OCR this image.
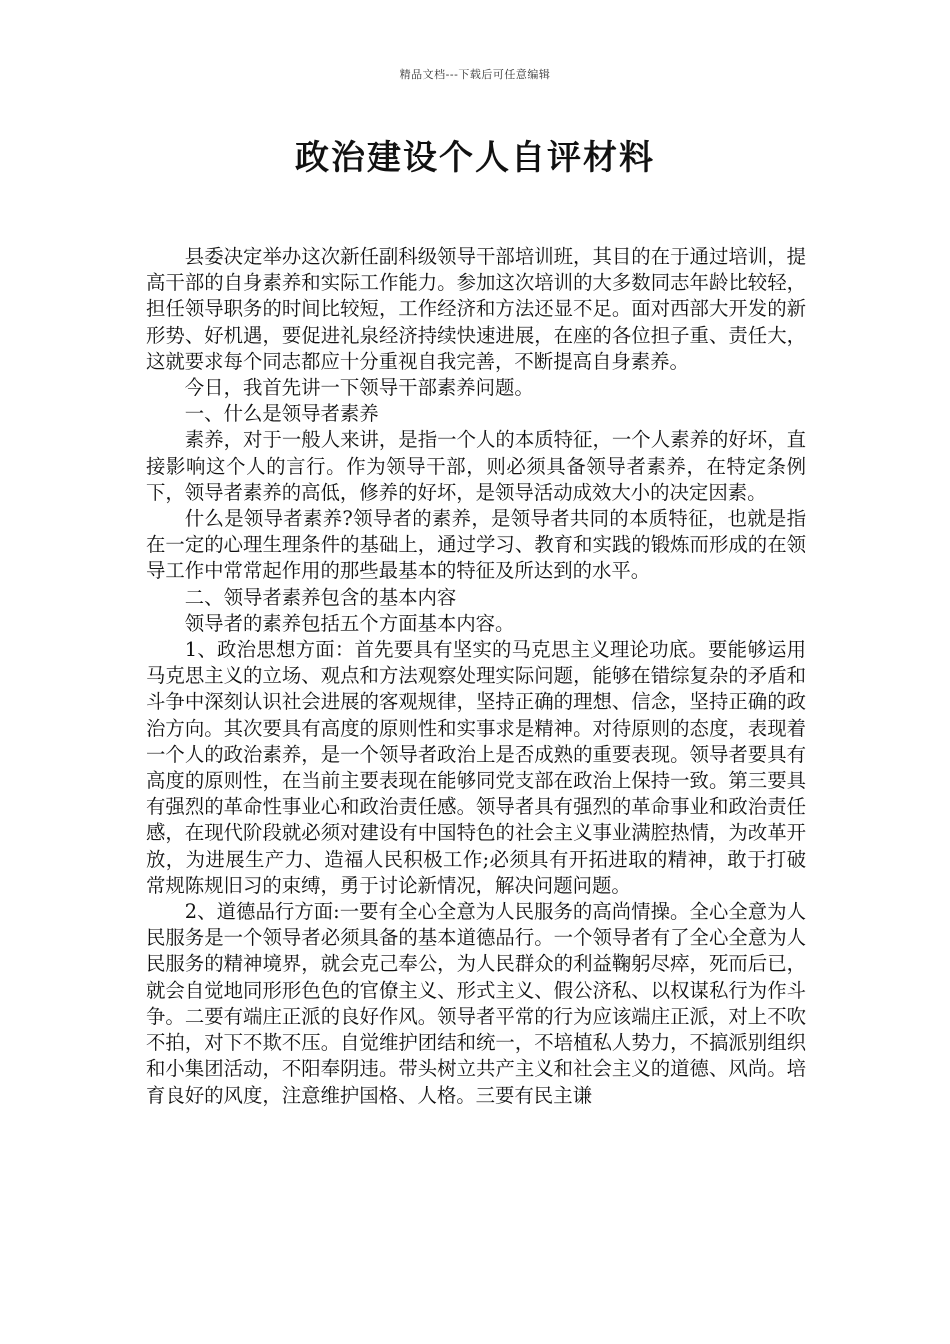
精品文档---下载后可任意编辑
政治建设个人自评材料

县委决定举办这次新任副科级领导干部培训班，其目的在于通过培训，提高干部的自身素养和实际工作能力。参加这次培训的大多数同志年龄比较轻，担任领导职务的时间比较短，工作经济和方法还显不足。面对西部大开发的新形势、好机遇，要促进礼泉经济持续快速进展，在座的各位担子重、责任大，这就要求每个同志都应十分重视自我完善，不断提高自身素养。

今日，我首先讲一下领导干部素养问题。

一、什么是领导者素养

素养，对于一般人来讲，是指一个人的本质特征，一个人素养的好坏，直接影响这个人的言行。作为领导干部，则必须具备领导者素养，在特定条例下，领导者素养的高低，修养的好坏，是领导活动成效大小的决定因素。

什么是领导者素养?领导者的素养，是领导者共同的本质特征，也就是指在一定的心理生理条件的基础上，通过学习、教育和实践的锻炼而形成的在领导工作中常常起作用的那些最基本的特征及所达到的水平。

二、领导者素养包含的基本内容

领导者的素养包括五个方面基本内容。

1、政治思想方面：首先要具有坚实的马克思主义理论功底。要能够运用马克思主义的立场、观点和方法观察处理实际问题，能够在错综复杂的矛盾和斗争中深刻认识社会进展的客观规律，坚持正确的理想、信念，坚持正确的政治方向。其次要具有高度的原则性和实事求是精神。对待原则的态度，表现着一个人的政治素养，是一个领导者政治上是否成熟的重要表现。领导者要具有高度的原则性，在当前主要表现在能够同党支部在政治上保持一致。第三要具有强烈的革命性事业心和政治责任感。领导者具有强烈的革命事业和政治责任感，在现代阶段就必须对建设有中国特色的社会主义事业满腔热情，为改革开放，为进展生产力、造福人民积极工作;必须具有开拓进取的精神，敢于打破常规陈规旧习的束缚，勇于讨论新情况，解决问题问题。

2、道德品行方面:一要有全心全意为人民服务的高尚情操。全心全意为人民服务是一个领导者必须具备的基本道德品行。一个领导者有了全心全意为人民服务的精神境界，就会克己奉公，为人民群众的利益鞠躬尽瘁，死而后已，就会自觉地同形形色色的官僚主义、形式主义、假公济私、以权谋私行为作斗争。二要有端庄正派的良好作风。领导者平常的行为应该端庄正派，对上不吹不拍，对下不欺不压。自觉维护团结和统一，不培植私人势力，不搞派别组织和小集团活动，不阳奉阴违。带头树立共产主义和社会主义的道德、风尚。培育良好的风度，注意维护国格、人格。三要有民主谦
